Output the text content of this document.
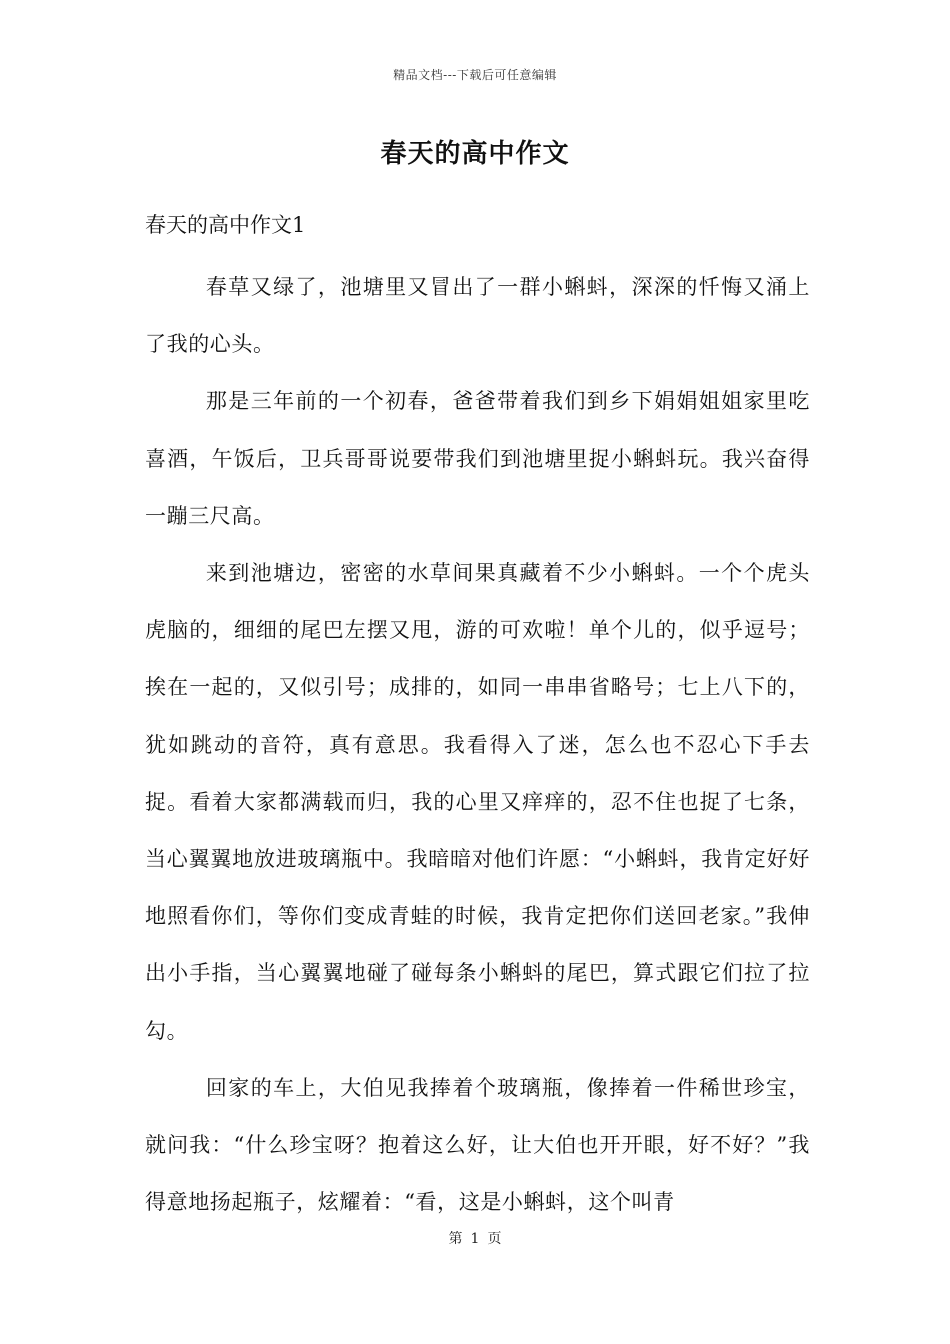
精品文档---下载后可任意编辑
春天的高中作文
春天的高中作文1

春草又绿了，池塘里又冒出了一群小蝌蚪，深深的忏悔又涌上了我的心头。

那是三年前的一个初春，爸爸带着我们到乡下娟娟姐姐家里吃喜酒，午饭后，卫兵哥哥说要带我们到池塘里捉小蝌蚪玩。我兴奋得一蹦三尺高。

来到池塘边，密密的水草间果真藏着不少小蝌蚪。一个个虎头虎脑的，细细的尾巴左摆又甩，游的可欢啦！单个儿的，似乎逗号；挨在一起的，又似引号；成排的，如同一串串省略号；七上八下的，犹如跳动的音符，真有意思。我看得入了迷，怎么也不忍心下手去捉。看着大家都满载而归，我的心里又痒痒的，忍不住也捉了七条，当心翼翼地放进玻璃瓶中。我暗暗对他们许愿：“小蝌蚪，我肯定好好地照看你们，等你们变成青蛙的时候，我肯定把你们送回老家。”我伸出小手指，当心翼翼地碰了碰每条小蝌蚪的尾巴，算式跟它们拉了拉勾。

回家的车上，大伯见我捧着个玻璃瓶，像捧着一件稀世珍宝，就问我：“什么珍宝呀？抱着这么好，让大伯也开开眼，好不好？”我得意地扬起瓶子，炫耀着：“看，这是小蝌蚪，这个叫青

第 1 页
